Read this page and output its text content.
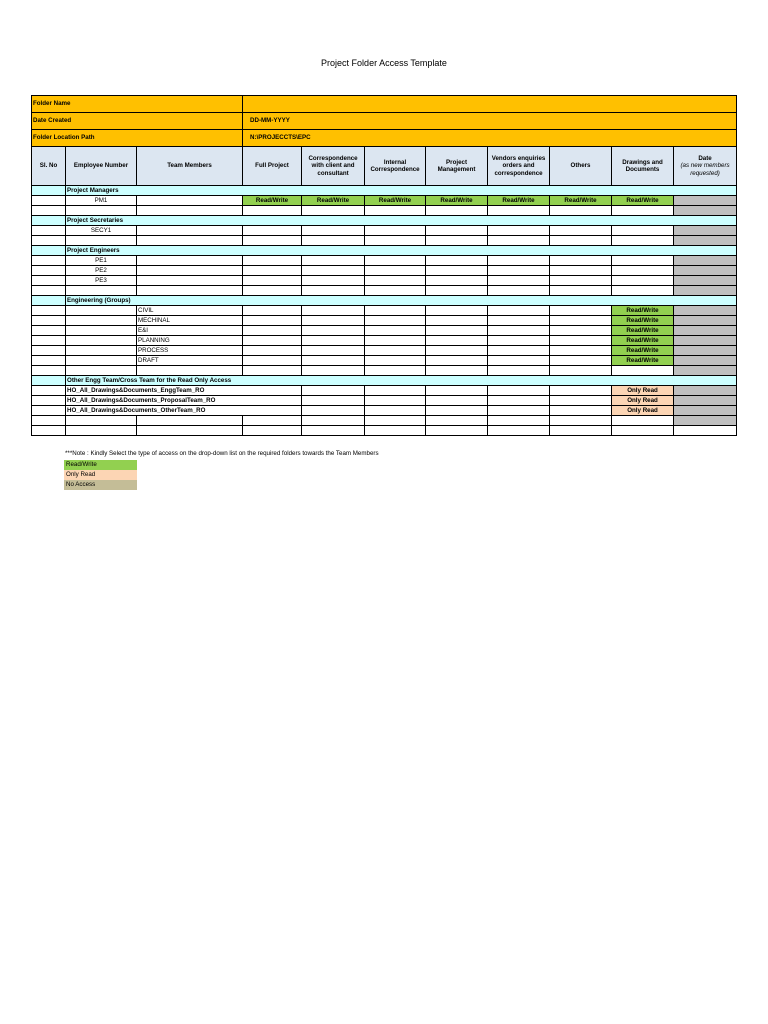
Project Folder Access Template
Folder Name										
Date Created			DD-MM-YYYY							
Folder Location Path			N:\PROJECCTS\EPC							
Sl. No	Employee Number	Team Members	Full Project	Correspondence with client and consultant	Internal Correspondence	Project Management	Vendors enquiries orders and correspondence	Others	Drawings and Documents	Date
(as new members requested)
	Project Managers									
	PM1		Read/Write	Read/Write	Read/Write	Read/Write	Read/Write	Read/Write	Read/Write	

	Project Secretaries									
	SECY1									

	Project Engineers									
	PE1									
	PE2									
	PE3									

	Engineering (Groups)									
		CIVIL							Read/Write	
		MECHINAL							Read/Write	
		E&I							Read/Write	
		PLANNING							Read/Write	
		PROCESS							Read/Write	
		DRAFT							Read/Write	

	Other Engg Team/Cross Team for the Read Only Access									
	HO_All_Drawings&Documents_EnggTeam_RO								Only Read	
	HO_All_Drawings&Documents_ProposalTeam_RO								Only Read	
	HO_All_Drawings&Documents_OtherTeam_RO								Only Read	

***Note : Kindly Select the type of access on the drop-down list on the required folders towards the Team Members
Read/Write
Only Read
No Access
